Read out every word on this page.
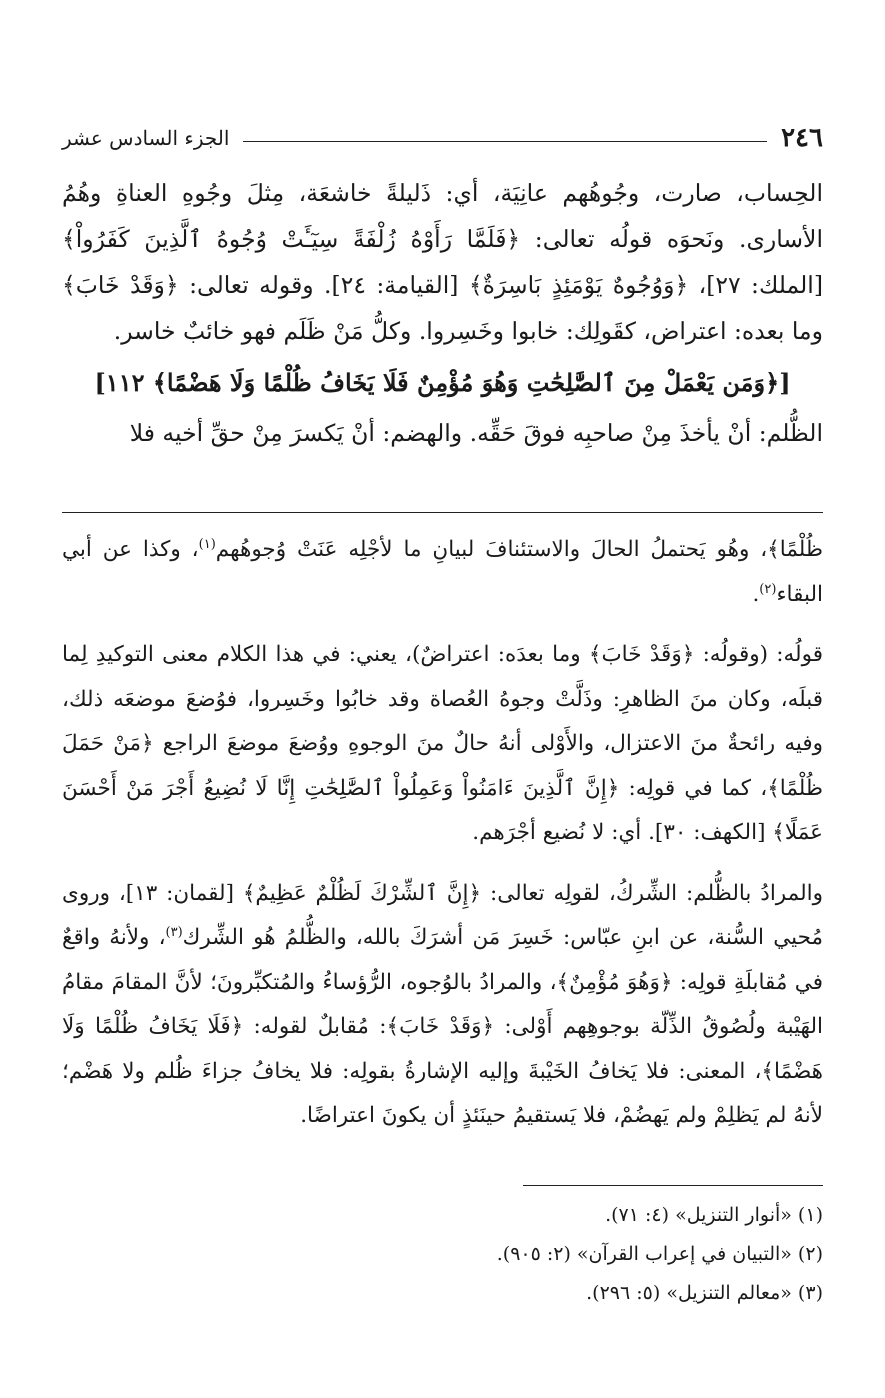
٢٤٦
الجزء السادس عشر

الحِساب، صارت، وجُوهُهم عانِيَة، أي: ذَليلةً خاشعَة، مِثلَ وجُوهِ العناةِ وهُمُ الأسارى. ونَحوَه قولُه تعالى: ﴿فَلَمَّا رَأَوْهُ زُلْفَةً سِيٓـَٔتْ وُجُوهُ ٱلَّذِينَ كَفَرُواْ﴾ [الملك: ٢٧]، ﴿وَوُجُوهٌ يَوْمَئِذٍ بَاسِرَةٌ﴾ [القيامة: ٢٤]. وقوله تعالى: ﴿وَقَدْ خَابَ﴾ وما بعده: اعتراض، كقَولِك: خابوا وخَسِروا. وكلُّ مَنْ ظَلَم فهو خائبٌ خاسر.

[﴿وَمَن يَعْمَلْ مِنَ ٱلصَّٰلِحَٰتِ وَهُوَ مُؤْمِنٌ فَلَا يَخَافُ ظُلْمًا وَلَا هَضْمًا﴾ ١١٢]

الظُّلم: أنْ يأخذَ مِنْ صاحبِه فوقَ حَقِّه. والهضم: أنْ يَكسرَ مِنْ حقِّ أخيه فلا

ظُلْمًا﴾، وهُو يَحتملُ الحالَ والاستئنافَ لبيانِ ما لأجْلِه عَنَتْ وُجوهُهم$^{(١)}$، وكذا عن أبي البقاء$^{(٢)}$.

قولُه: (وقولُه: ﴿وَقَدْ خَابَ﴾ وما بعدَه: اعتراضٌ)، يعني: في هذا الكلام معنى التوكيدِ لِما قبلَه، وكان منَ الظاهرِ: وذَلَّتْ وجوهُ العُصاة وقد خابُوا وخَسِروا، فوُضعَ موضعَه ذلك، وفيه رائحةٌ منَ الاعتزال، والأَوْلى أنهُ حالٌ منَ الوجوهِ ووُضعَ موضعَ الراجع ﴿مَنْ حَمَلَ ظُلْمًا﴾، كما في قولِه: ﴿إِنَّ ٱلَّذِينَ ءَامَنُواْ وَعَمِلُواْ ٱلصَّٰلِحَٰتِ إِنَّا لَا نُضِيعُ أَجْرَ مَنْ أَحْسَنَ عَمَلًا﴾ [الكهف: ٣٠]. أي: لا نُضيع أجْرَهم.

والمرادُ بالظُّلم: الشِّركُ، لقولِه تعالى: ﴿إِنَّ ٱلشِّرْكَ لَظُلْمٌ عَظِيمٌ﴾ [لقمان: ١٣]، وروى مُحيي السُّنة، عن ابنِ عبّاس: خَسِرَ مَن أشرَكَ بالله، والظُّلمُ هُو الشِّرك$^{(٣)}$، ولأنهُ واقعٌ في مُقابلَةِ قولِه: ﴿وَهُوَ مُؤْمِنٌ﴾، والمرادُ بالوُجوه، الرُّؤساءُ والمُتكبِّرونَ؛ لأنَّ المقامَ مقامُ الهَيْبة ولُصُوقُ الذِّلّة بوجوهِهم أَوْلى: ﴿وَقَدْ خَابَ﴾: مُقابلٌ لقوله: ﴿فَلَا يَخَافُ ظُلْمًا وَلَا هَضْمًا﴾، المعنى: فلا يَخافُ الخَيْبةَ وإليه الإشارةُ بقولِه: فلا يخافُ جزاءَ ظُلم ولا هَضْم؛ لأنهُ لم يَظلِمْ ولم يَهضُمْ، فلا يَستقيمُ حينَئذٍ أن يكونَ اعتراضًا.

(١) «أنوار التنزيل» (٤: ٧١).
(٢) «التبيان في إعراب القرآن» (٢: ٩٠٥).
(٣) «معالم التنزيل» (٥: ٢٩٦).
